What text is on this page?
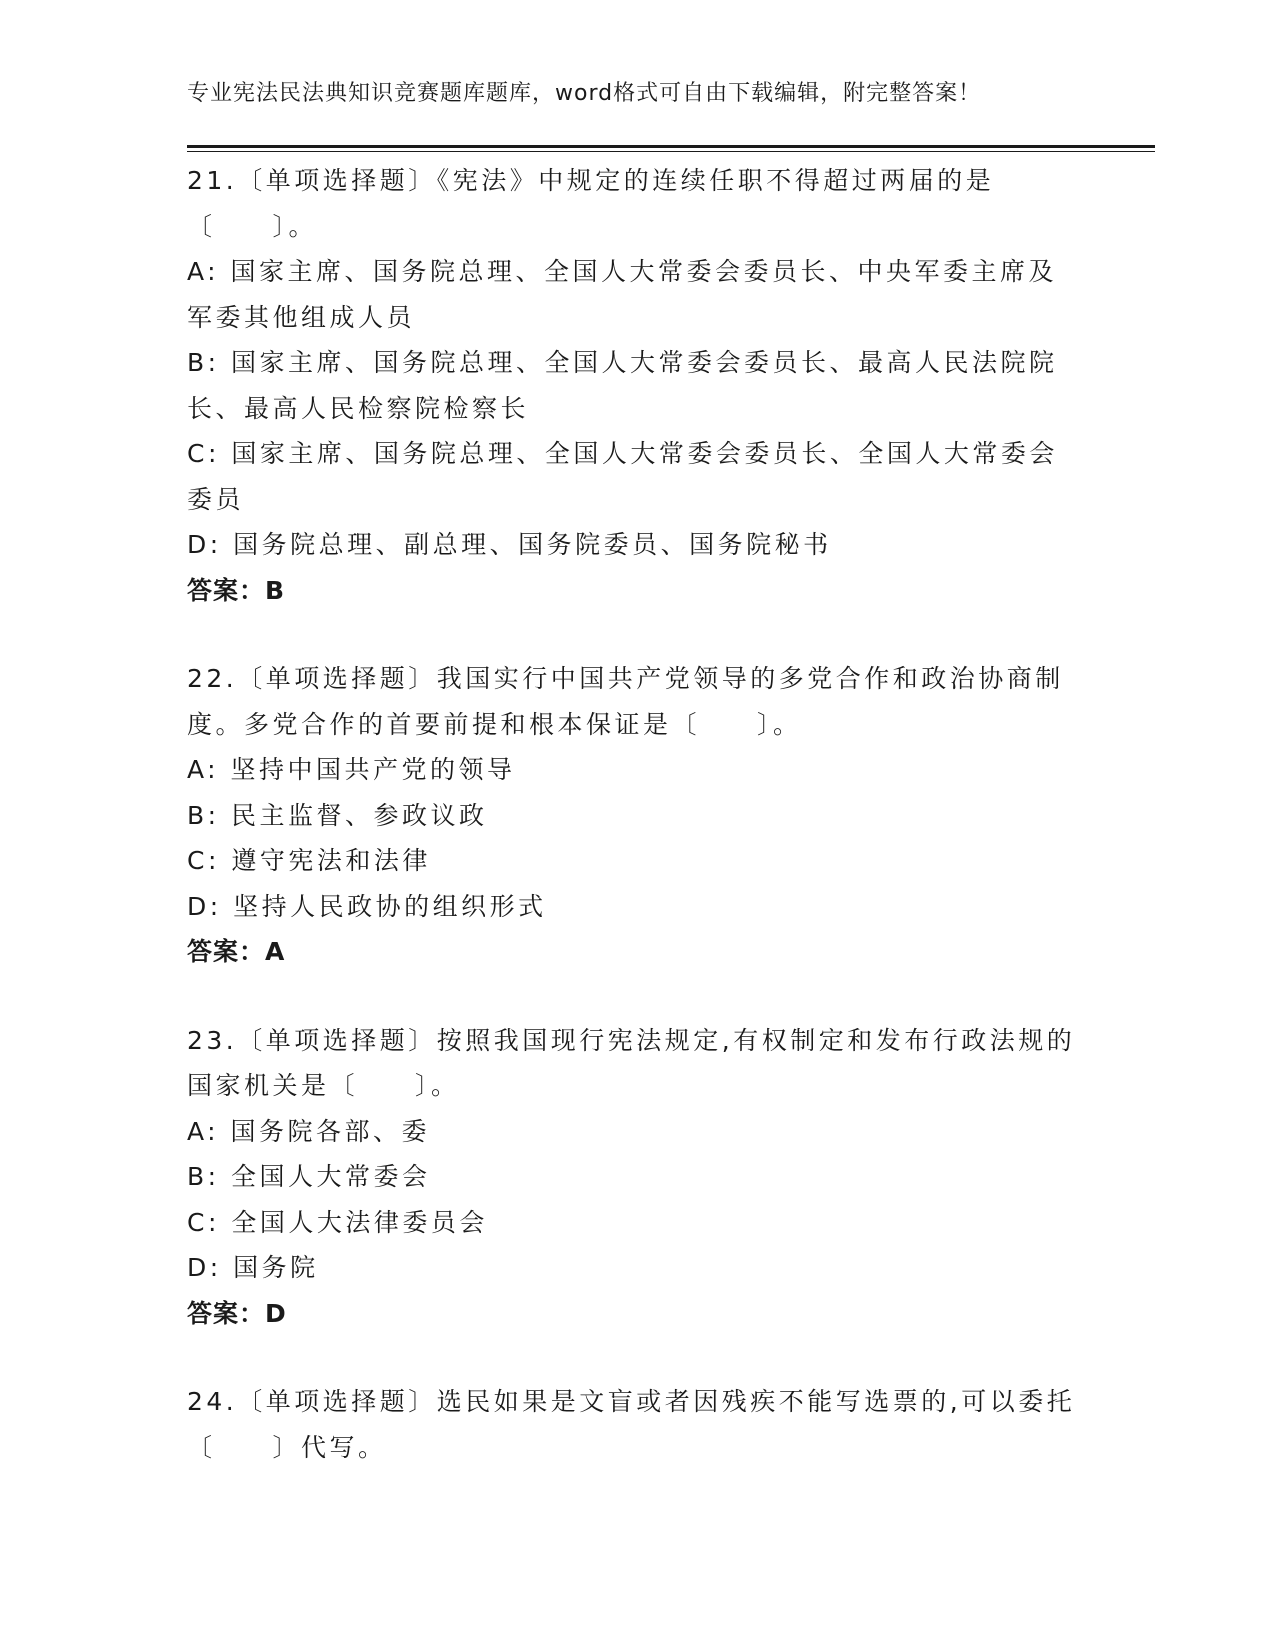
专业宪法民法典知识竞赛题库题库，word格式可自由下载编辑，附完整答案！

21.〔单项选择题〕《宪法》中规定的连续任职不得超过两届的是〔　　〕。

A: 国家主席、国务院总理、全国人大常委会委员长、中央军委主席及军委其他组成人员

B: 国家主席、国务院总理、全国人大常委会委员长、最高人民法院院长、最高人民检察院检察长

C: 国家主席、国务院总理、全国人大常委会委员长、全国人大常委会委员

D: 国务院总理、副总理、国务院委员、国务院秘书

答案：B

22.〔单项选择题〕我国实行中国共产党领导的多党合作和政治协商制度。多党合作的首要前提和根本保证是〔　　〕。

A: 坚持中国共产党的领导

B: 民主监督、参政议政

C: 遵守宪法和法律

D: 坚持人民政协的组织形式

答案：A

23.〔单项选择题〕按照我国现行宪法规定,有权制定和发布行政法规的国家机关是〔　　〕。

A: 国务院各部、委

B: 全国人大常委会

C: 全国人大法律委员会

D: 国务院

答案：D

24.〔单项选择题〕选民如果是文盲或者因残疾不能写选票的,可以委托〔　　〕代写。
